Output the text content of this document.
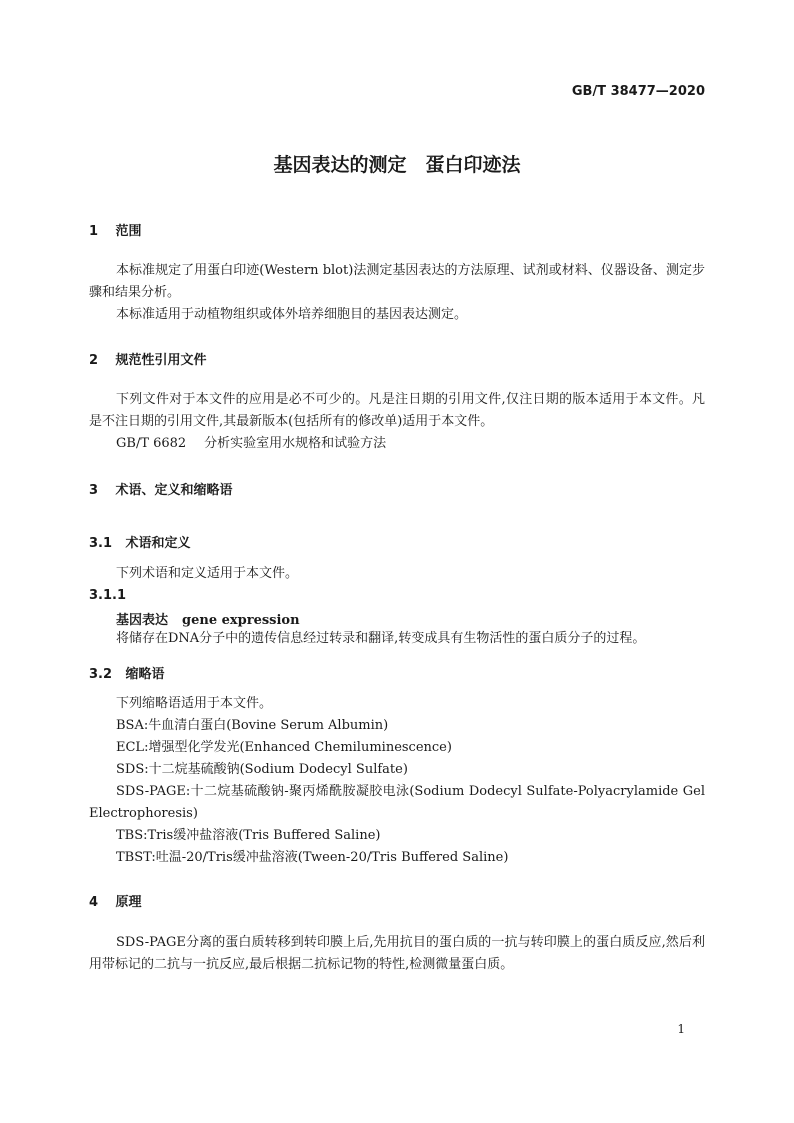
GB/T 38477—2020
基因表达的测定　蛋白印迹法
1 范围
本标准规定了用蛋白印迹(Western blot)法测定基因表达的方法原理、试剂或材料、仪器设备、测定步骤和结果分析。
本标准适用于动植物组织或体外培养细胞目的基因表达测定。
2 规范性引用文件
下列文件对于本文件的应用是必不可少的。凡是注日期的引用文件,仅注日期的版本适用于本文件。凡是不注日期的引用文件,其最新版本(包括所有的修改单)适用于本文件。
GB/T 6682 分析实验室用水规格和试验方法
3 术语、定义和缩略语
3.1 术语和定义
下列术语和定义适用于本文件。
3.1.1
基因表达 gene expression
将储存在DNA分子中的遗传信息经过转录和翻译,转变成具有生物活性的蛋白质分子的过程。
3.2 缩略语
下列缩略语适用于本文件。
BSA:牛血清白蛋白(Bovine Serum Albumin)
ECL:增强型化学发光(Enhanced Chemiluminescence)
SDS:十二烷基硫酸钠(Sodium Dodecyl Sulfate)
SDS-PAGE:十二烷基硫酸钠-聚丙烯酰胺凝胶电泳(Sodium Dodecyl Sulfate-Polyacrylamide Gel Electrophoresis)
TBS:Tris缓冲盐溶液(Tris Buffered Saline)
TBST:吐温-20/Tris缓冲盐溶液(Tween-20/Tris Buffered Saline)
4 原理
SDS-PAGE分离的蛋白质转移到转印膜上后,先用抗目的蛋白质的一抗与转印膜上的蛋白质反应,然后利用带标记的二抗与一抗反应,最后根据二抗标记物的特性,检测微量蛋白质。
1
